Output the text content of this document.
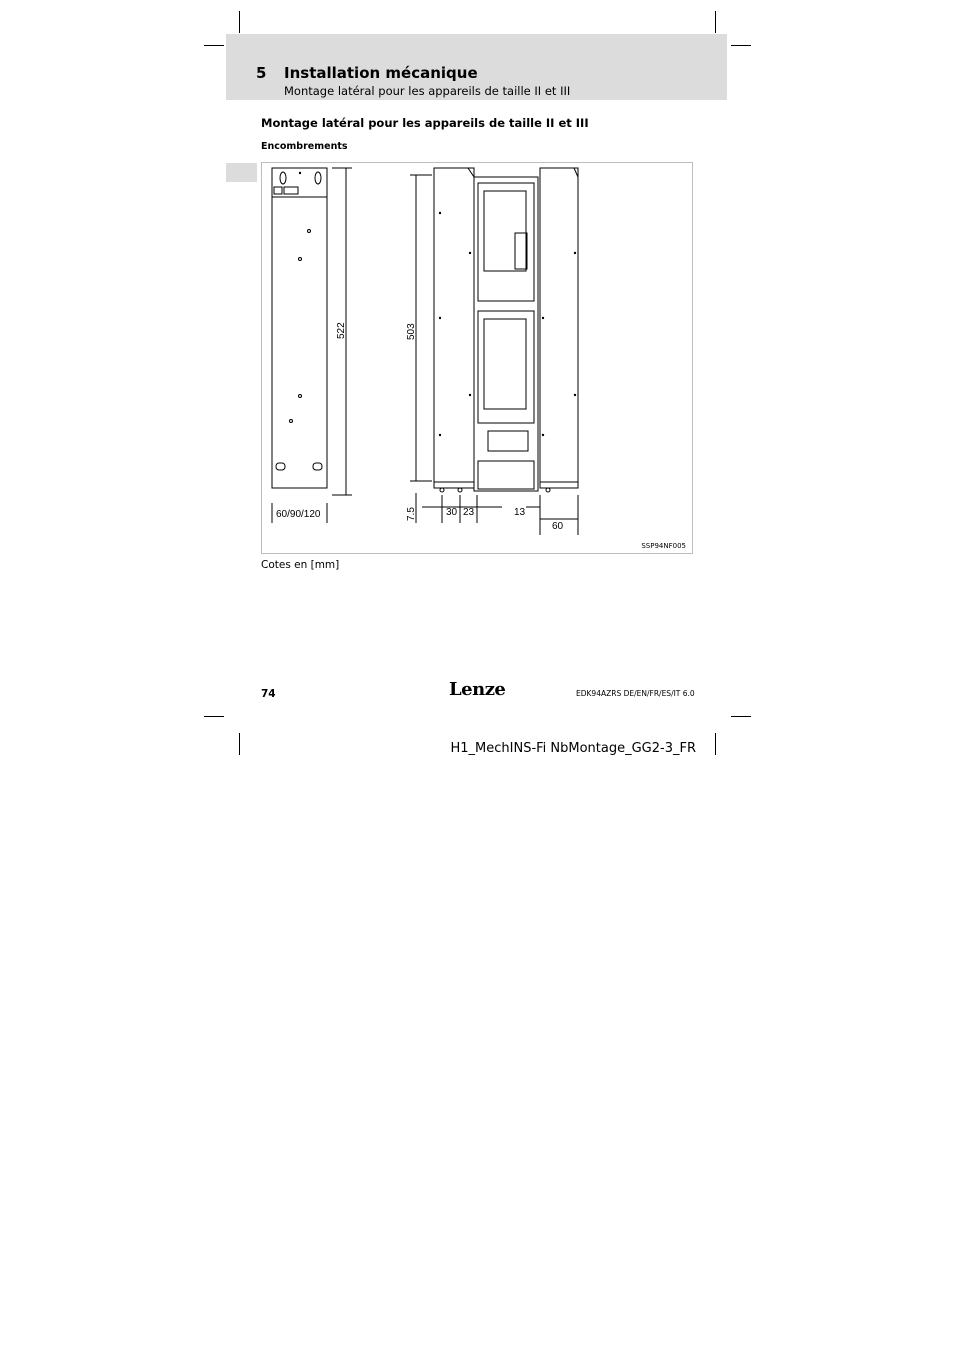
5 Installation mécanique
Montage latéral pour les appareils de taille II et III
Montage latéral pour les appareils de taille II et III
Encombrements
522	503
60/90/120	7.5	30 23	13
60
SSP94NF005
Cotes en [mm]
74	Lenze	EDK94AZRS DE/EN/FR/ES/IT 6.0
H1_MechINS-Fi NbMontage_GG2-3_FR
